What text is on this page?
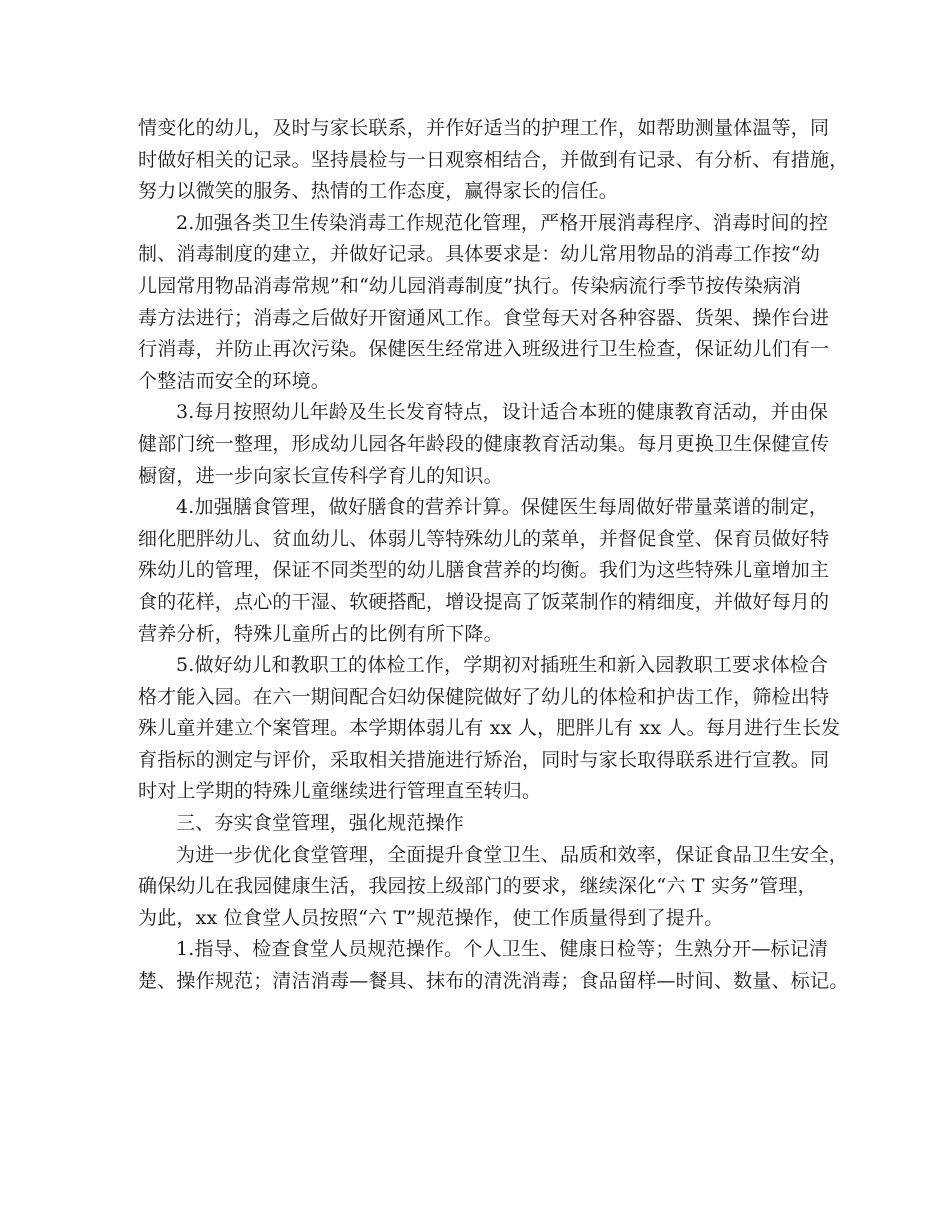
情变化的幼儿，及时与家长联系，并作好适当的护理工作，如帮助测量体温等，同
时做好相关的记录。坚持晨检与一日观察相结合，并做到有记录、有分析、有措施，
努力以微笑的服务、热情的工作态度，赢得家长的信任。

2.加强各类卫生传染消毒工作规范化管理，严格开展消毒程序、消毒时间的控
制、消毒制度的建立，并做好记录。具体要求是：幼儿常用物品的消毒工作按“幼
儿园常用物品消毒常规”和“幼儿园消毒制度”执行。传染病流行季节按传染病消
毒方法进行；消毒之后做好开窗通风工作。食堂每天对各种容器、货架、操作台进
行消毒，并防止再次污染。保健医生经常进入班级进行卫生检查，保证幼儿们有一
个整洁而安全的环境。

3.每月按照幼儿年龄及生长发育特点，设计适合本班的健康教育活动，并由保
健部门统一整理，形成幼儿园各年龄段的健康教育活动集。每月更换卫生保健宣传
橱窗，进一步向家长宣传科学育儿的知识。

4.加强膳食管理，做好膳食的营养计算。保健医生每周做好带量菜谱的制定，
细化肥胖幼儿、贫血幼儿、体弱儿等特殊幼儿的菜单，并督促食堂、保育员做好特
殊幼儿的管理，保证不同类型的幼儿膳食营养的均衡。我们为这些特殊儿童增加主
食的花样，点心的干湿、软硬搭配，增设提高了饭菜制作的精细度，并做好每月的
营养分析，特殊儿童所占的比例有所下降。

5.做好幼儿和教职工的体检工作，学期初对插班生和新入园教职工要求体检合
格才能入园。在六一期间配合妇幼保健院做好了幼儿的体检和护齿工作，筛检出特
殊儿童并建立个案管理。本学期体弱儿有 xx 人，肥胖儿有 xx 人。每月进行生长发
育指标的测定与评价，采取相关措施进行矫治，同时与家长取得联系进行宣教。同
时对上学期的特殊儿童继续进行管理直至转归。

三、夯实食堂管理，强化规范操作

为进一步优化食堂管理，全面提升食堂卫生、品质和效率，保证食品卫生安全，

确保幼儿在我园健康生活，我园按上级部门的要求，继续深化“六 T 实务”管理，
为此，xx 位食堂人员按照“六 T”规范操作，使工作质量得到了提升。

1.指导、检查食堂人员规范操作。个人卫生、健康日检等；生熟分开—标记清

楚、操作规范；清洁消毒—餐具、抹布的清洗消毒；食品留样—时间、数量、标记。
